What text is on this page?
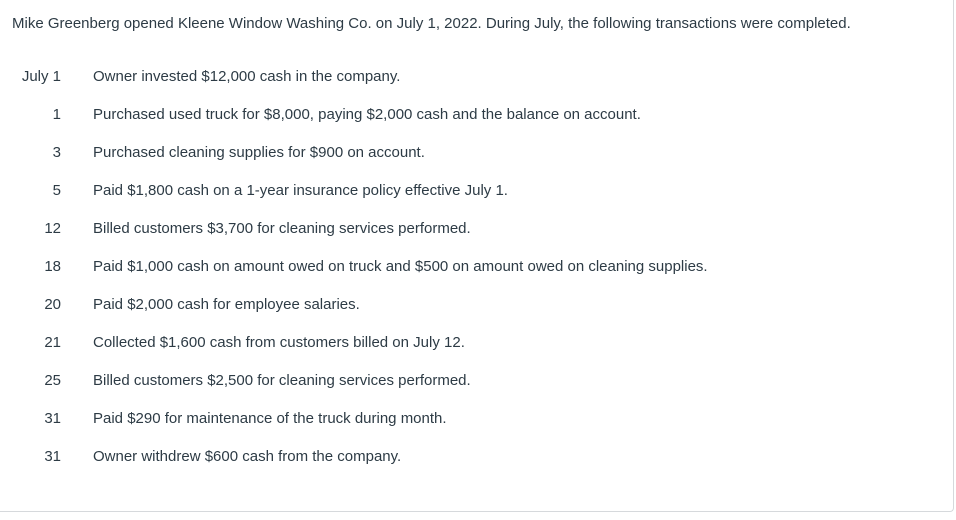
Mike Greenberg opened Kleene Window Washing Co. on July 1, 2022. During July, the following transactions were completed.
July 1	Owner invested $12,000 cash in the company.
1	Purchased used truck for $8,000, paying $2,000 cash and the balance on account.
3	Purchased cleaning supplies for $900 on account.
5	Paid $1,800 cash on a 1-year insurance policy effective July 1.
12	Billed customers $3,700 for cleaning services performed.
18	Paid $1,000 cash on amount owed on truck and $500 on amount owed on cleaning supplies.
20	Paid $2,000 cash for employee salaries.
21	Collected $1,600 cash from customers billed on July 12.
25	Billed customers $2,500 for cleaning services performed.
31	Paid $290 for maintenance of the truck during month.
31	Owner withdrew $600 cash from the company.
